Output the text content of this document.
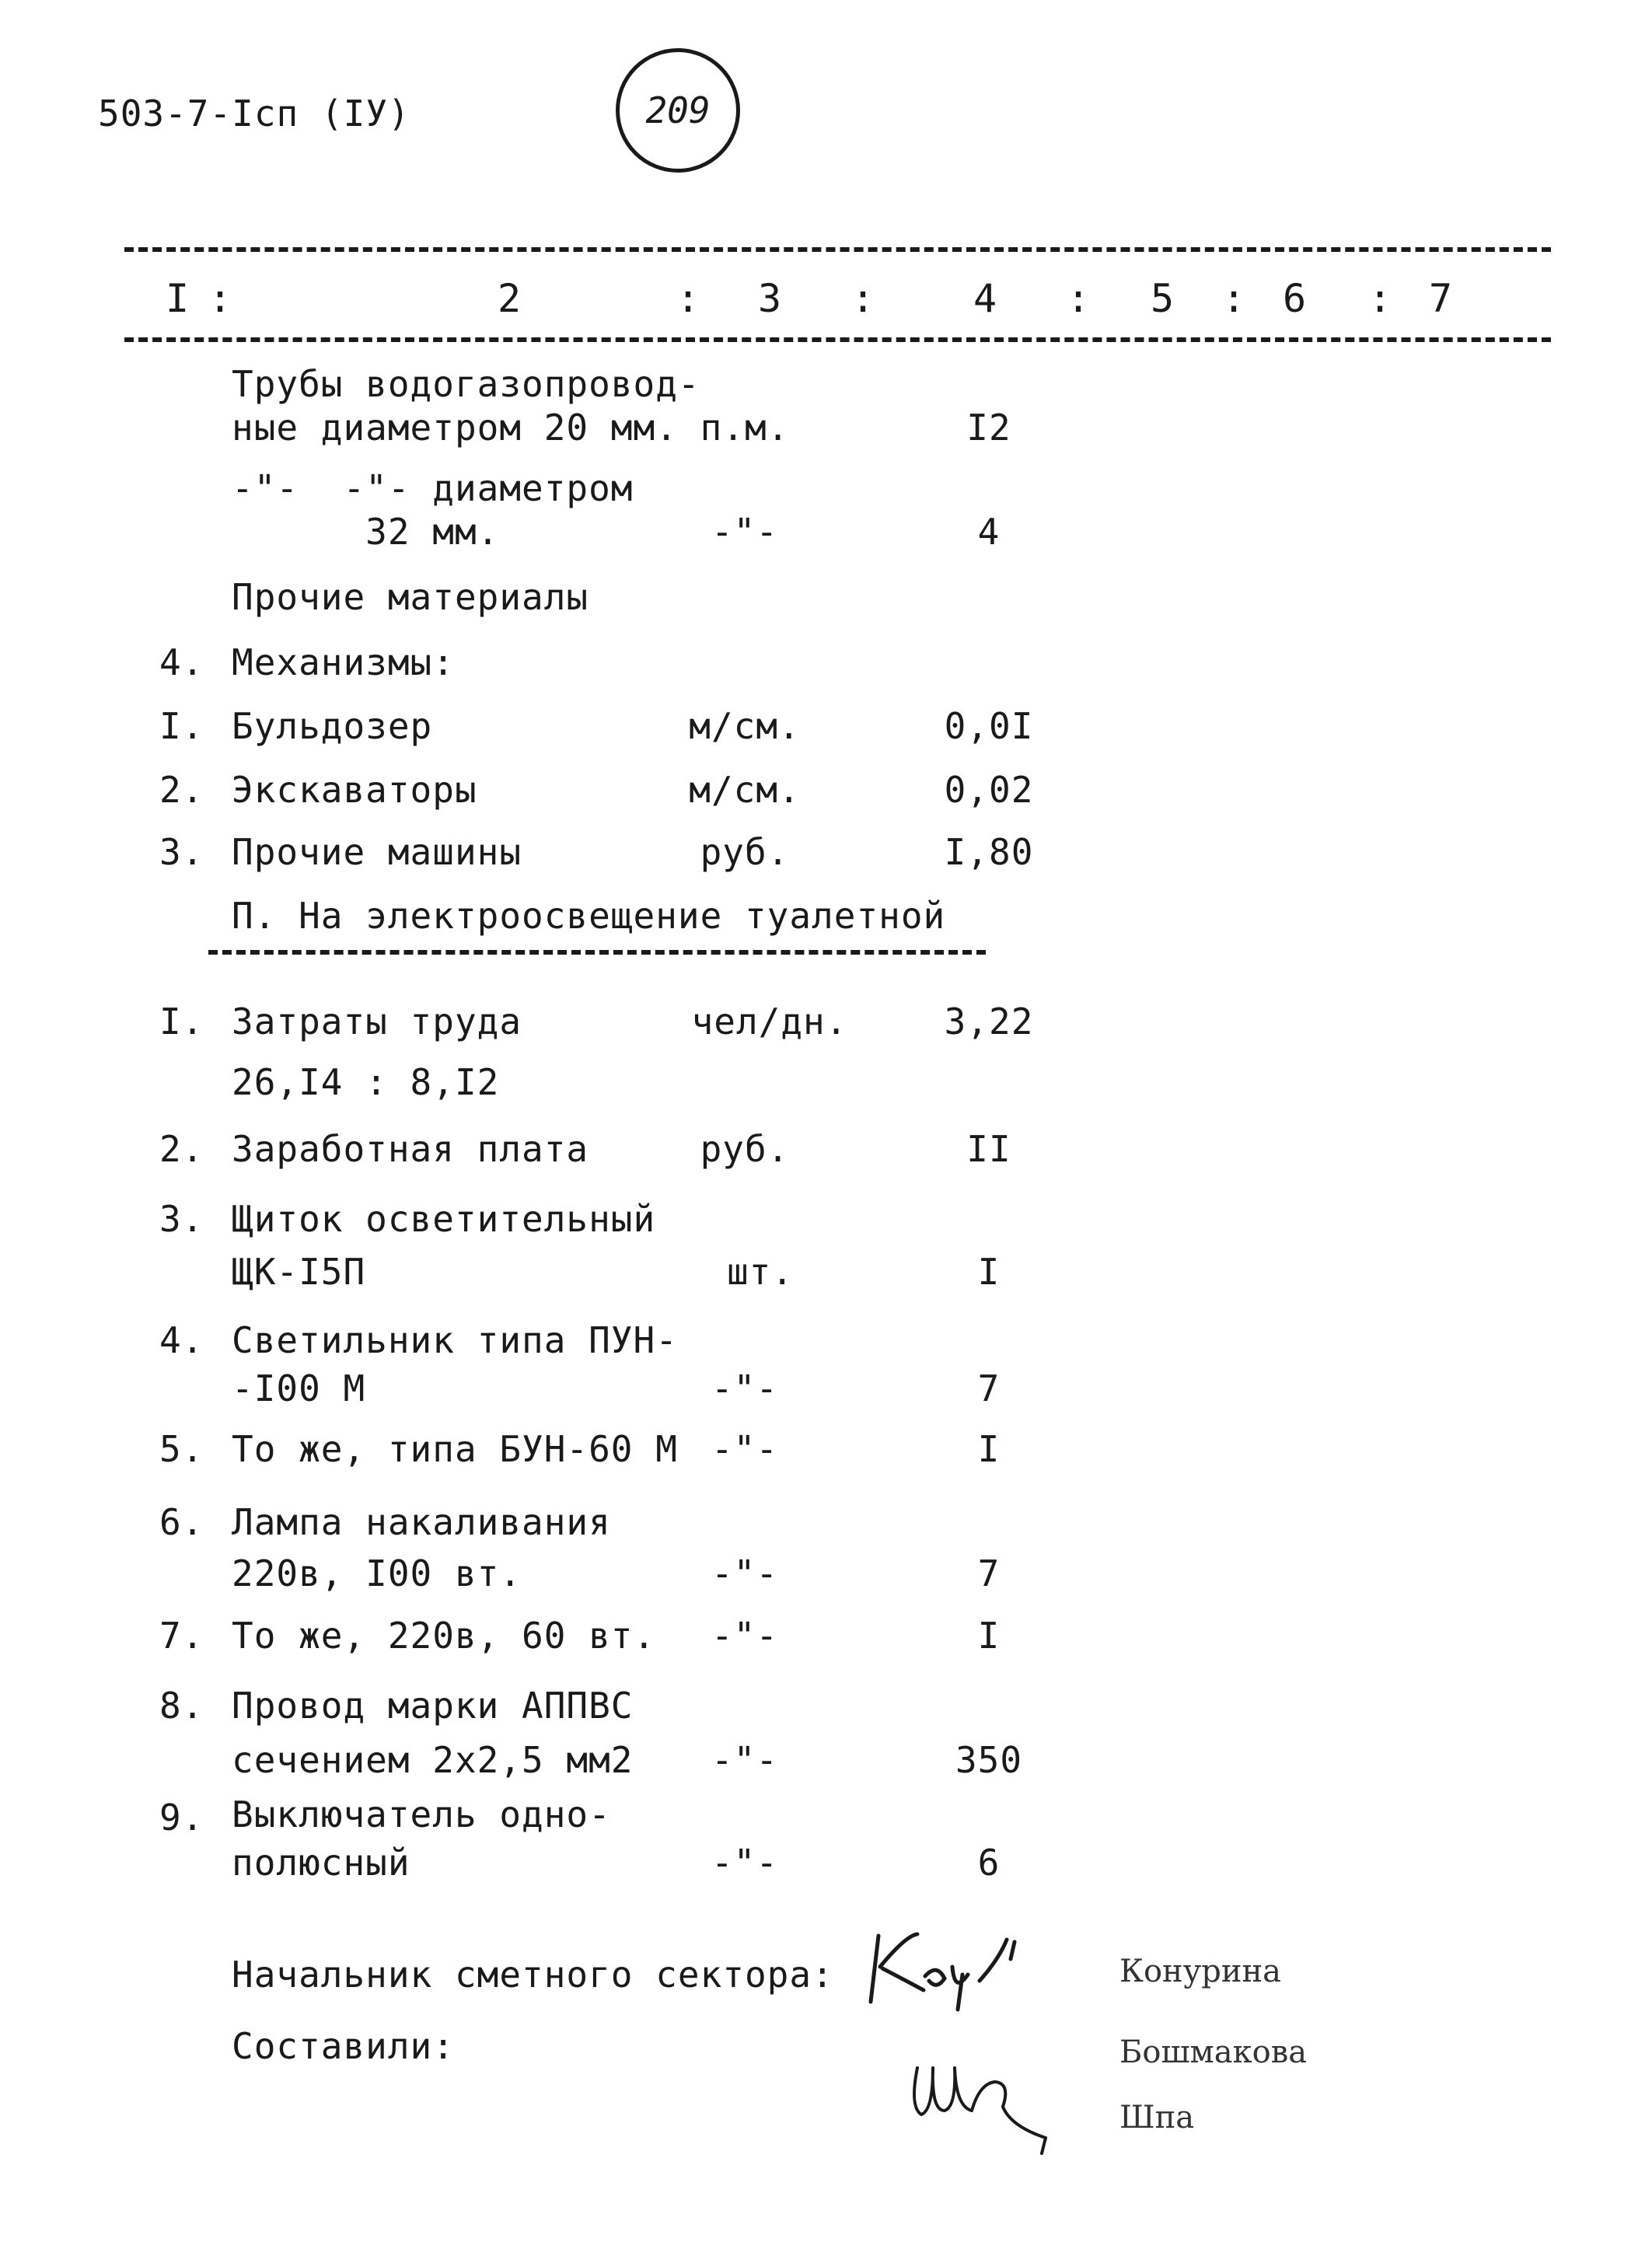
503-7-Iсп (IУ)	209
I :	2	: 3 :	4 : 5 : 6 : 7
Трубы водогазопровод-
ные диаметром 20 мм. п.м.	I2
-"-  -"- диаметром
32 мм.	-"-	4
Прочие материалы
4. Механизмы:
I. Бульдозер	м/см.	0,0I
2. Экскаваторы	м/см.	0,02
3. Прочие машины	руб.	I,80
П. На электроосвещение туалетной
I. Затраты труда
26,I4 : 8,I2
чел/дн.	3,22
2. Заработная плата	руб.	II
3. Щиток осветительный
ЩК-I5П	шт.	I
4. Светильник типа ПУН-
-I00 М	-"-	7
5. То же, типа БУН-60 М -"-	I
6. Лампа накаливания
220в, I00 вт.	-"-	7
7. То же, 220в, 60 вт.	-"-	I
8. Провод марки АППВС
сечением 2х2,5 мм2	-"-	350
9. Выключатель одно-
полюсный	-"-	6
Начальник сметного сектора:
Составили:
Конурина
Бошмакова
Шпа
